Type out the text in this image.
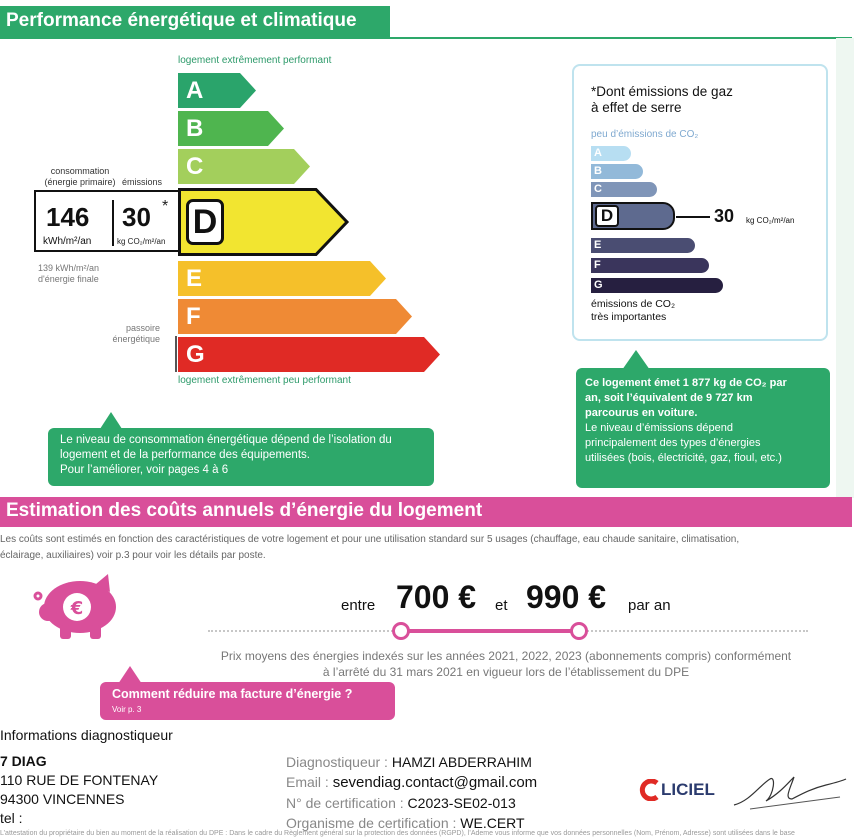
Performance énergétique et climatique
logement extrêmement performant
A
B
C
D
E
F
G
logement extrêmement peu performant
consommation
(énergie primaire) émissions
146
kWh/m²/an
30 *
kg CO₂/m²/an
139 kWh/m²/an
d'énergie finale
passoire
énergétique
Le niveau de consommation énergétique dépend de l’isolation du
logement et de la performance des équipements.
Pour l’améliorer, voir pages 4 à 6
*Dont émissions de gaz
à effet de serre
peu d’émissions de CO₂
A
B
C
D	30 kg CO₂/m²/an
E
F
G
émissions de CO₂
très importantes
Ce logement émet 1 877 kg de CO₂ par
an, soit l’équivalent de 9 727 km
parcourus en voiture.
Le niveau d’émissions dépend
principalement des types d’énergies
utilisées (bois, électricité, gaz, fioul, etc.)
Estimation des coûts annuels d’énergie du logement
Les coûts sont estimés en fonction des caractéristiques de votre logement et pour une utilisation standard sur 5 usages (chauffage, eau chaude sanitaire, climatisation,
éclairage, auxiliaires) voir p.3 pour voir les détails par poste.
€	entre 700 € et 990 € par an
Prix moyens des énergies indexés sur les années 2021, 2022, 2023 (abonnements compris) conformément
à l’arrêté du 31 mars 2021 en vigueur lors de l’établissement du DPE
Comment réduire ma facture d’énergie ?
Voir p. 3
Informations diagnostiqueur
7 DIAG
110 RUE DE FONTENAY
94300 VINCENNES
tel :
Diagnostiqueur : HAMZI ABDERRAHIM
Email : sevendiag.contact@gmail.com
N° de certification : C2023-SE02-013
Organisme de certification : WE.CERT
LICIEL
L’attestation du propriétaire du bien au moment de la réalisation du DPE : Dans le cadre du Règlement général sur la protection des données (RGPD), l’Ademe vous informe que vos données personnelles (Nom, Prénom, Adresse) sont utilisées dans le base
